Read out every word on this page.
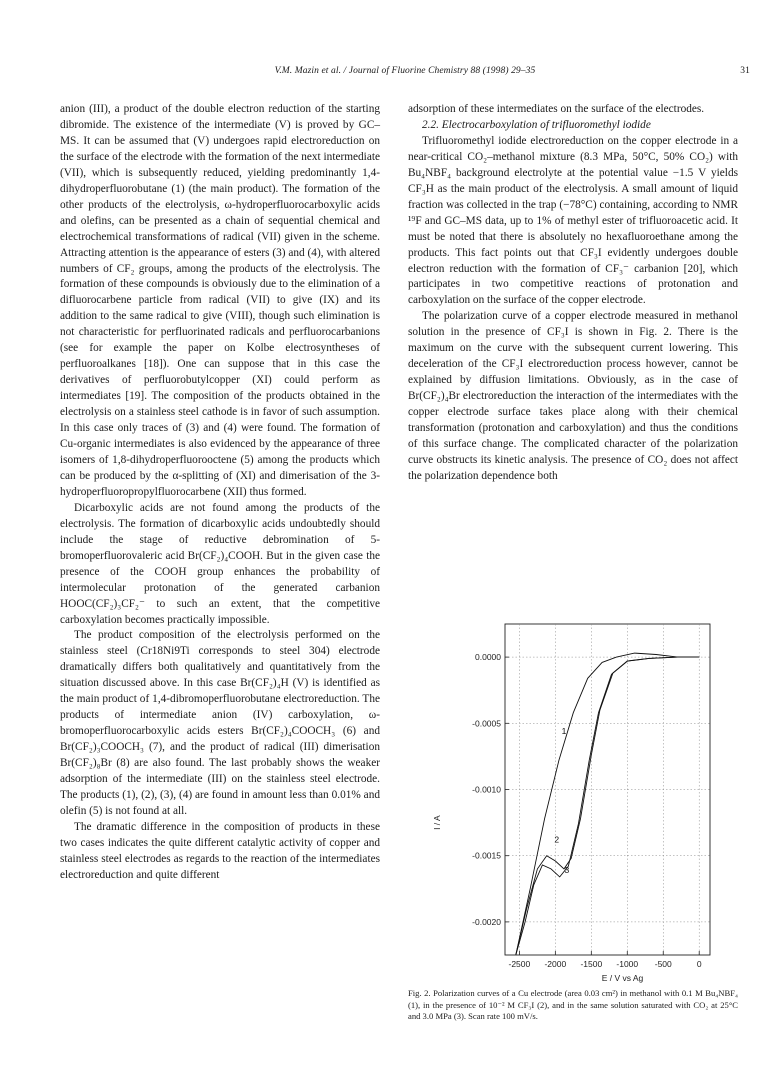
V.M. Mazin et al. / Journal of Fluorine Chemistry 88 (1998) 29–35	31

anion (III), a product of the double electron reduction of the starting dibromide. The existence of the intermediate (V) is proved by GC–MS. It can be assumed that (V) undergoes rapid electroreduction on the surface of the electrode with the formation of the next intermediate (VII), which is subsequently reduced, yielding predominantly 1,4-dihydroperfluorobutane (1) (the main product). The formation of the other products of the electrolysis, ω-hydroperfluorocarboxylic acids and olefins, can be presented as a chain of sequential chemical and electrochemical transformations of radical (VII) given in the scheme. Attracting attention is the appearance of esters (3) and (4), with altered numbers of CF₂ groups, among the products of the electrolysis. The formation of these compounds is obviously due to the elimination of a difluorocarbene particle from radical (VII) to give (IX) and its addition to the same radical to give (VIII), though such elimination is not characteristic for perfluorinated radicals and perfluorocarbanions (see for example the paper on Kolbe electrosyntheses of perfluoroalkanes [18]). One can suppose that in this case the derivatives of perfluorobutylcopper (XI) could perform as intermediates [19]. The composition of the products obtained in the electrolysis on a stainless steel cathode is in favor of such assumption. In this case only traces of (3) and (4) were found. The formation of Cu-organic intermediates is also evidenced by the appearance of three isomers of 1,8-dihydroperfluorooctene (5) among the products which can be produced by the α-splitting of (XI) and dimerisation of the 3-hydroperfluoropropylfluorocarbene (XII) thus formed.

Dicarboxylic acids are not found among the products of the electrolysis. The formation of dicarboxylic acids undoubtedly should include the stage of reductive debromination of 5-bromoperfluorovaleric acid Br(CF₂)₄COOH. But in the given case the presence of the COOH group enhances the probability of intermolecular protonation of the generated carbanion HOOC(CF₂)₃CF₂⁻ to such an extent, that the competitive carboxylation becomes practically impossible.

The product composition of the electrolysis performed on the stainless steel (Cr18Ni9Ti corresponds to steel 304) electrode dramatically differs both qualitatively and quantitatively from the situation discussed above. In this case Br(CF₂)₄H (V) is identified as the main product of 1,4-dibromoperfluorobutane electroreduction. The products of intermediate anion (IV) carboxylation, ω-bromoperfluorocarboxylic acids esters Br(CF₂)₄COOCH₃ (6) and Br(CF₂)₃COOCH₃ (7), and the product of radical (III) dimerisation Br(CF₂)₈Br (8) are also found. The last probably shows the weaker adsorption of the intermediate (III) on the stainless steel electrode. The products (1), (2), (3), (4) are found in amount less than 0.01% and olefin (5) is not found at all.

The dramatic difference in the composition of products in these two cases indicates the quite different catalytic activity of copper and stainless steel electrodes as regards to the reaction of the intermediates electroreduction and quite different

adsorption of these intermediates on the surface of the electrodes.

2.2. Electrocarboxylation of trifluoromethyl iodide

Trifluoromethyl iodide electroreduction on the copper electrode in a near-critical CO₂–methanol mixture (8.3 MPa, 50°C, 50% CO₂) with Bu₄NBF₄ background electrolyte at the potential value −1.5 V yields CF₃H as the main product of the electrolysis. A small amount of liquid fraction was collected in the trap (−78°C) containing, according to NMR ¹⁹F and GC–MS data, up to 1% of methyl ester of trifluoroacetic acid. It must be noted that there is absolutely no hexafluoroethane among the products. This fact points out that CF₃I evidently undergoes double electron reduction with the formation of CF₃⁻ carbanion [20], which participates in two competitive reactions of protonation and carboxylation on the surface of the copper electrode.

The polarization curve of a copper electrode measured in methanol solution in the presence of CF₃I is shown in Fig. 2. There is the maximum on the curve with the subsequent current lowering. This deceleration of the CF₃I electroreduction process however, cannot be explained by diffusion limitations. Obviously, as in the case of Br(CF₂)₄Br electroreduction the interaction of the intermediates with the copper electrode surface takes place along with their chemical transformation (protonation and carboxylation) and thus the conditions of this surface change. The complicated character of the polarization curve obstructs its kinetic analysis. The presence of CO₂ does not affect the polarization dependence both

-2500 -2000 -1500 -1000 -500	0
0.0000
-0.0005
-0.0010
-0.0015
-0.0020
E / V vs Ag
I / A
1
2
3
Fig. 2. Polarization curves of a Cu electrode (area 0.03 cm²) in methanol with 0.1 M Bu₄NBF₄ (1), in the presence of 10⁻² M CF₃I (2), and in the same solution saturated with CO₂ at 25°C and 3.0 MPa (3). Scan rate 100 mV/s.
